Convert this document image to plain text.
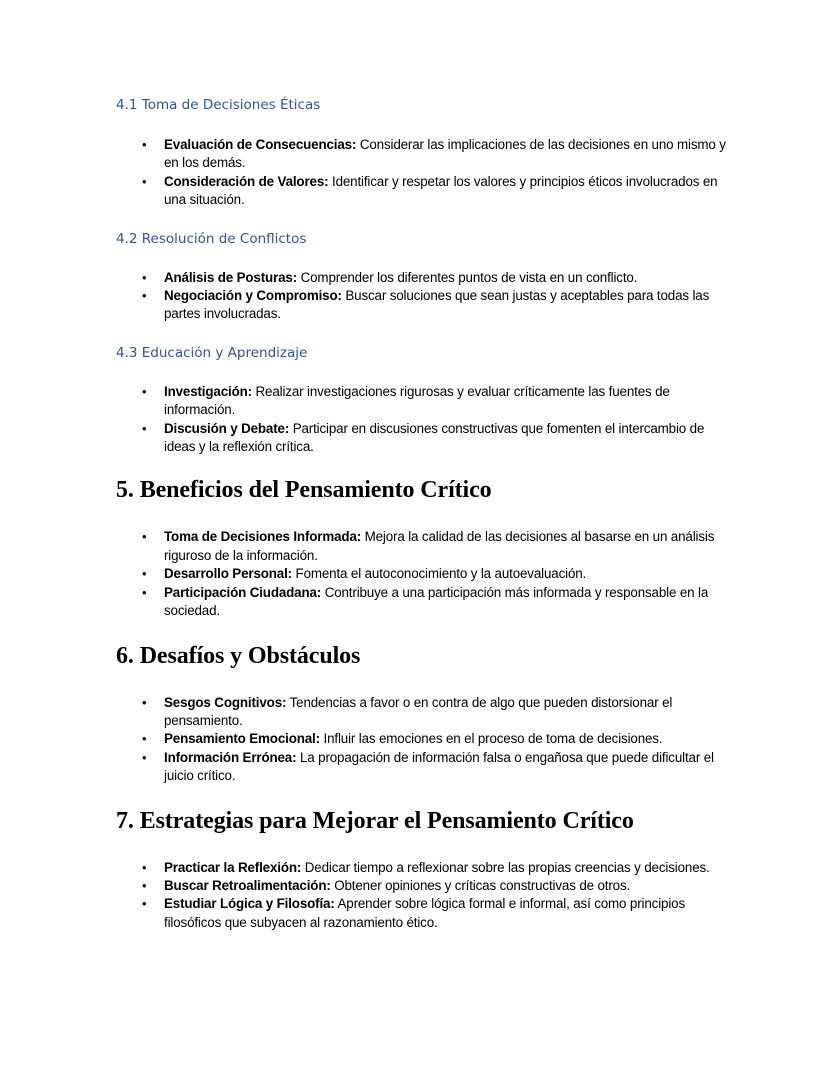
4.1 Toma de Decisiones Éticas
• Evaluación de Consecuencias: Considerar las implicaciones de las decisiones en uno mismo y en los demás.
• Consideración de Valores: Identificar y respetar los valores y principios éticos involucrados en una situación.
4.2 Resolución de Conflictos
• Análisis de Posturas: Comprender los diferentes puntos de vista en un conflicto.
• Negociación y Compromiso: Buscar soluciones que sean justas y aceptables para todas las partes involucradas.
4.3 Educación y Aprendizaje
• Investigación: Realizar investigaciones rigurosas y evaluar críticamente las fuentes de información.
• Discusión y Debate: Participar en discusiones constructivas que fomenten el intercambio de ideas y la reflexión crítica.
5. Beneficios del Pensamiento Crítico
• Toma de Decisiones Informada: Mejora la calidad de las decisiones al basarse en un análisis riguroso de la información.
• Desarrollo Personal: Fomenta el autoconocimiento y la autoevaluación.
• Participación Ciudadana: Contribuye a una participación más informada y responsable en la sociedad.
6. Desafíos y Obstáculos
• Sesgos Cognitivos: Tendencias a favor o en contra de algo que pueden distorsionar el pensamiento.
• Pensamiento Emocional: Influir las emociones en el proceso de toma de decisiones.
• Información Errónea: La propagación de información falsa o engañosa que puede dificultar el juicio crítico.
7. Estrategias para Mejorar el Pensamiento Crítico
• Practicar la Reflexión: Dedicar tiempo a reflexionar sobre las propias creencias y decisiones.
• Buscar Retroalimentación: Obtener opiniones y críticas constructivas de otros.
• Estudiar Lógica y Filosofía: Aprender sobre lógica formal e informal, así como principios filosóficos que subyacen al razonamiento ético.
